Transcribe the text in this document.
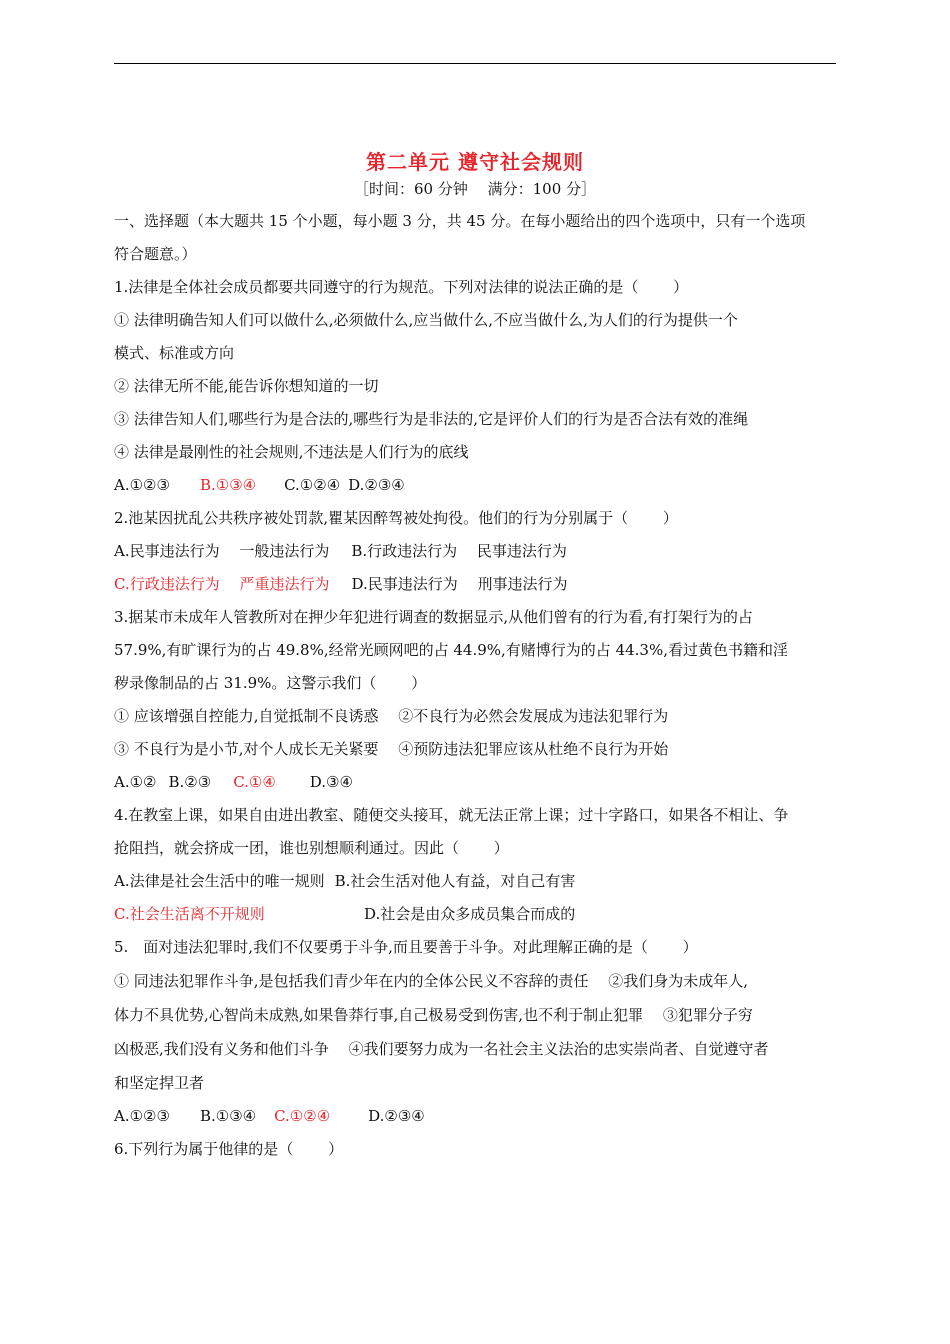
第二单元 遵守社会规则
［时间：60 分钟　 满分：100 分］
一、选择题（本大题共 15 个小题，每小题 3 分，共 45 分。在每小题给出的四个选项中，只有一个选项
符合题意。）
1.法律是全体社会成员都要共同遵守的行为规范。下列对法律的说法正确的是（　　 ）
① 法律明确告知人们可以做什么,必须做什么,应当做什么,不应当做什么,为人们的行为提供一个
模式、标准或方向
② 法律无所不能,能告诉你想知道的一切
③ 法律告知人们,哪些行为是合法的,哪些行为是非法的,它是评价人们的行为是否合法有效的准绳
④ 法律是最刚性的社会规则,不违法是人们行为的底线
A.①②③ B.①③④ C.①②④ D.②③④
2.池某因扰乱公共秩序被处罚款,瞿某因醉驾被处拘役。他们的行为分别属于（　　 ）
A.民事违法行为　 一般违法行为 B.行政违法行为　 民事违法行为
C.行政违法行为　 严重违法行为 D.民事违法行为　 刑事违法行为
3.据某市未成年人管教所对在押少年犯进行调查的数据显示,从他们曾有的行为看,有打架行为的占
57.9%,有旷课行为的占 49.8%,经常光顾网吧的占 44.9%,有赌博行为的占 44.3%,看过黄色书籍和淫
秽录像制品的占 31.9%。这警示我们（　　 ）
① 应该增强自控能力,自觉抵制不良诱惑　 ②不良行为必然会发展成为违法犯罪行为
③ 不良行为是小节,对个人成长无关紧要　 ④预防违法犯罪应该从杜绝不良行为开始
A.①② B.②③ C.①④ D.③④
4.在教室上课，如果自由进出教室、随便交头接耳，就无法正常上课；过十字路口，如果各不相让、争
抢阻挡，就会挤成一团，谁也别想顺利通过。因此（　　 ）
A.法律是社会生活中的唯一规则 B.社会生活对他人有益，对自己有害
C.社会生活离不开规则	D.社会是由众多成员集合而成的
5.　面对违法犯罪时,我们不仅要勇于斗争,而且要善于斗争。对此理解正确的是（　　 ）
① 同违法犯罪作斗争,是包括我们青少年在内的全体公民义不容辞的责任　 ②我们身为未成年人,
体力不具优势,心智尚未成熟,如果鲁莽行事,自己极易受到伤害,也不利于制止犯罪　 ③犯罪分子穷
凶极恶,我们没有义务和他们斗争　 ④我们要努力成为一名社会主义法治的忠实崇尚者、自觉遵守者
和坚定捍卫者
A.①②③ B.①③④ C.①②④	D.②③④
6.下列行为属于他律的是（　　 ）
